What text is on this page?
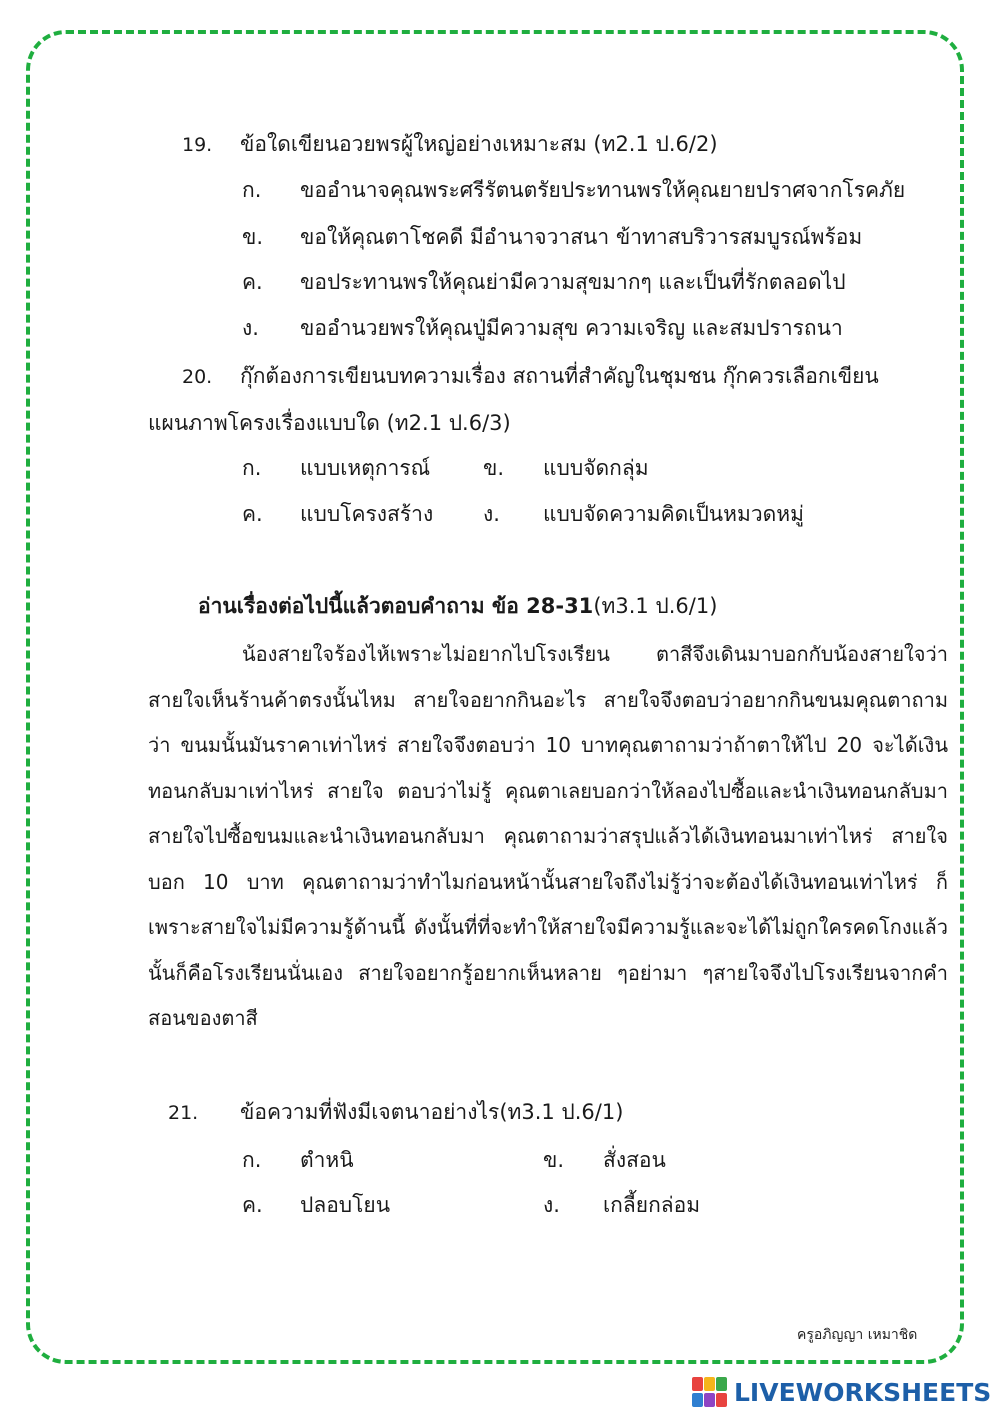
19. ข้อใดเขียนอวยพรผู้ใหญ่อย่างเหมาะสม (ท2.1 ป.6/2)
ก. ขออำนาจคุณพระศรีรัตนตรัยประทานพรให้คุณยายปราศจากโรคภัย
ข. ขอให้คุณตาโชคดี มีอำนาจวาสนา ข้าทาสบริวารสมบูรณ์พร้อม
ค. ขอประทานพรให้คุณย่ามีความสุขมากๆ และเป็นที่รักตลอดไป
ง. ขออำนวยพรให้คุณปู่มีความสุข ความเจริญ และสมปรารถนา
20. กุ๊กต้องการเขียนบทความเรื่อง สถานที่สำคัญในชุมชน กุ๊กควรเลือกเขียน
แผนภาพโครงเรื่องแบบใด (ท2.1 ป.6/3)
ก. แบบเหตุการณ์	ข. แบบจัดกลุ่ม
ค. แบบโครงสร้าง ง. แบบจัดความคิดเป็นหมวดหมู่
อ่านเรื่องต่อไปนี้แล้วตอบคำถาม ข้อ 28-31(ท3.1 ป.6/1)
น้องสายใจร้องไห้เพราะไม่อยากไปโรงเรียน ตาสีจึงเดินมาบอกกับน้องสายใจว่า สายใจเห็นร้านค้าตรงนั้นไหม สายใจอยากกินอะไร สายใจจึงตอบว่าอยากกินขนมคุณตาถามว่า ขนมนั้นมันราคาเท่าไหร่ สายใจจึงตอบว่า 10 บาทคุณตาถามว่าถ้าตาให้ไป 20 จะได้เงินทอนกลับมาเท่าไหร่ สายใจ ตอบว่าไม่รู้ คุณตาเลยบอกว่าให้ลองไปซื้อและนำเงินทอนกลับมา สายใจไปซื้อขนมและนำเงินทอนกลับมา คุณตาถามว่าสรุปแล้วได้เงินทอนมาเท่าไหร่ สายใจบอก 10 บาท คุณตาถามว่าทำไมก่อนหน้านั้นสายใจถึงไม่รู้ว่าจะต้องได้เงินทอนเท่าไหร่ ก็เพราะสายใจไม่มีความรู้ด้านนี้ ดังนั้นที่ที่จะทำให้สายใจมีความรู้และจะได้ไม่ถูกใครคดโกงแล้วนั้นก็คือโรงเรียนนั่นเอง สายใจอยากรู้อยากเห็นหลาย ๆอย่ามา ๆสายใจจึงไปโรงเรียนจากคำสอนของตาสี
21. ข้อความที่ฟังมีเจตนาอย่างไร(ท3.1 ป.6/1)
ก. ตำหนิ	ข. สั่งสอน
ค. ปลอบโยน	ง. เกลี้ยกล่อม
ครูอภิญญา เหมาชิด
LIVEWORKSHEETS
